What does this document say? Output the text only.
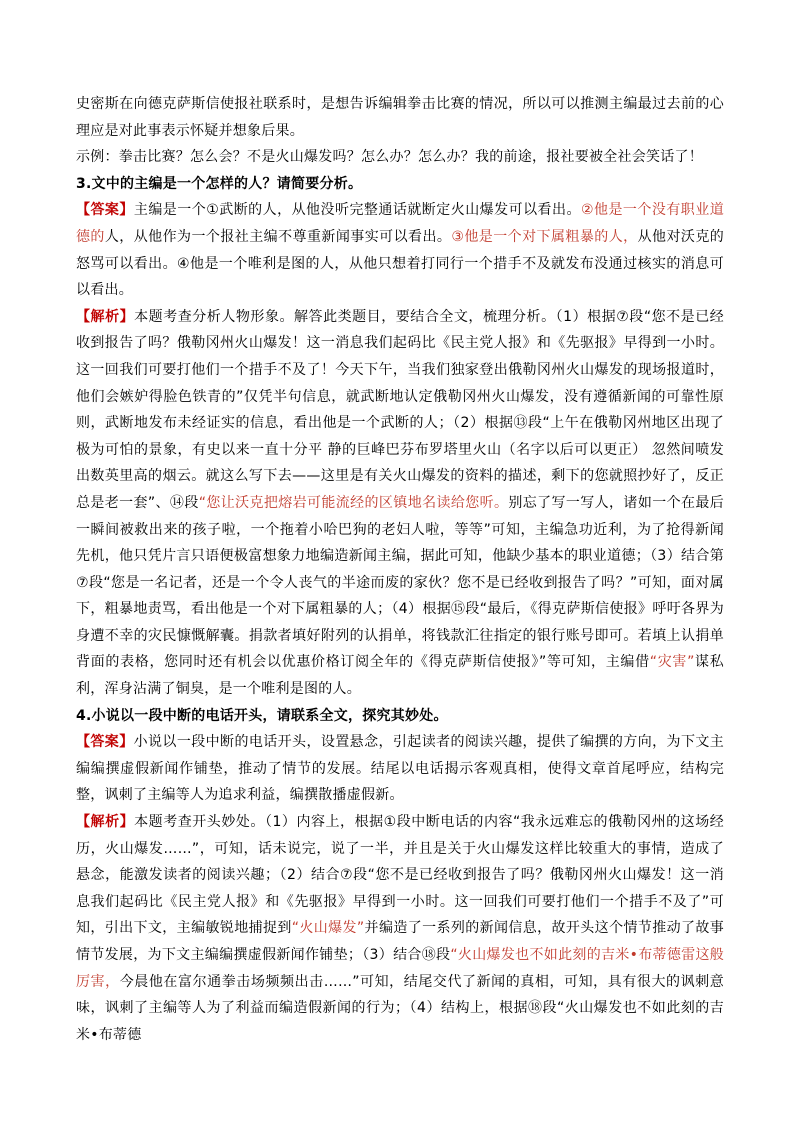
史密斯在向德克萨斯信使报社联系时，是想告诉编辑拳击比赛的情况，所以可以推测主编最过去前的心理应是对此事表示怀疑并想象后果。

示例：拳击比赛？怎么会？不是火山爆发吗？怎么办？怎么办？我的前途，报社要被全社会笑话了！

3.文中的主编是一个怎样的人？请简要分析。

【答案】主编是一个①武断的人，从他没听完整通话就断定火山爆发可以看出。②他是一个没有职业道德的人，从他作为一个报社主编不尊重新闻事实可以看出。③他是一个对下属粗暴的人，从他对沃克的怒骂可以看出。④他是一个唯利是图的人，从他只想着打同行一个措手不及就发布没通过核实的消息可以看出。

【解析】本题考查分析人物形象。解答此类题目，要结合全文，梳理分析。（1）根据⑦段“您不是已经收到报告了吗？俄勒冈州火山爆发！这一消息我们起码比《民主党人报》和《先驱报》早得到一小时。这一回我们可要打他们一个措手不及了！今天下午，当我们独家登出俄勒冈州火山爆发的现场报道时，他们会嫉妒得脸色铁青的”仅凭半句信息，就武断地认定俄勒冈州火山爆发，没有遵循新闻的可靠性原则，武断地发布未经证实的信息，看出他是一个武断的人；（2）根据⑬段“上午在俄勒冈州地区出现了极为可怕的景象，有史以来一直十分平 静的巨峰巴芬布罗塔里火山（名字以后可以更正） 忽然间喷发出数英里高的烟云。就这么写下去——这里是有关火山爆发的资料的描述，剩下的您就照抄好了，反正总是老一套”、⑭段“您让沃克把熔岩可能流经的区镇地名读给您听。别忘了写一写人，诸如一个在最后一瞬间被救出来的孩子啦，一个拖着小哈巴狗的老妇人啦，等等”可知，主编急功近利，为了抢得新闻先机，他只凭片言只语便极富想象力地编造新闻主编，据此可知，他缺少基本的职业道德；（3）结合第⑦段“您是一名记者，还是一个令人丧气的半途而废的家伙？您不是已经收到报告了吗？”可知，面对属下，粗暴地责骂，看出他是一个对下属粗暴的人；（4）根据⑮段“最后，《得克萨斯信使报》呼吁各界为身遭不幸的灾民慷慨解囊。捐款者填好附列的认捐单，将钱款汇往指定的银行账号即可。若填上认捐单背面的表格，您同时还有机会以优惠价格订阅全年的《得克萨斯信使报》”等可知，主编借“灾害”谋私利，浑身沾满了铜臭，是一个唯利是图的人。

4.小说以一段中断的电话开头，请联系全文，探究其妙处。

【答案】小说以一段中断的电话开头，设置悬念，引起读者的阅读兴趣，提供了编撰的方向，为下文主编编撰虚假新闻作铺垫，推动了情节的发展。结尾以电话揭示客观真相，使得文章首尾呼应，结构完整，讽刺了主编等人为追求利益，编撰散播虚假新。

【解析】本题考查开头妙处。（1）内容上，根据①段中断电话的内容“我永远难忘的俄勒冈州的这场经历，火山爆发……”，可知，话未说完，说了一半，并且是关于火山爆发这样比较重大的事情，造成了悬念，能激发读者的阅读兴趣；（2）结合⑦段“您不是已经收到报告了吗？俄勒冈州火山爆发！这一消息我们起码比《民主党人报》和《先驱报》早得到一小时。这一回我们可要打他们一个措手不及了”可知，引出下文，主编敏锐地捕捉到“火山爆发”并编造了一系列的新闻信息，故开头这个情节推动了故事情节发展，为下文主编编撰虚假新闻作铺垫；（3）结合⑱段“火山爆发也不如此刻的吉米•布蒂德雷这般厉害，今晨他在富尔通拳击场频频出击……”可知，结尾交代了新闻的真相，可知，具有很大的讽刺意味，讽刺了主编等人为了利益而编造假新闻的行为；（4）结构上，根据⑱段“火山爆发也不如此刻的吉米•布蒂德
